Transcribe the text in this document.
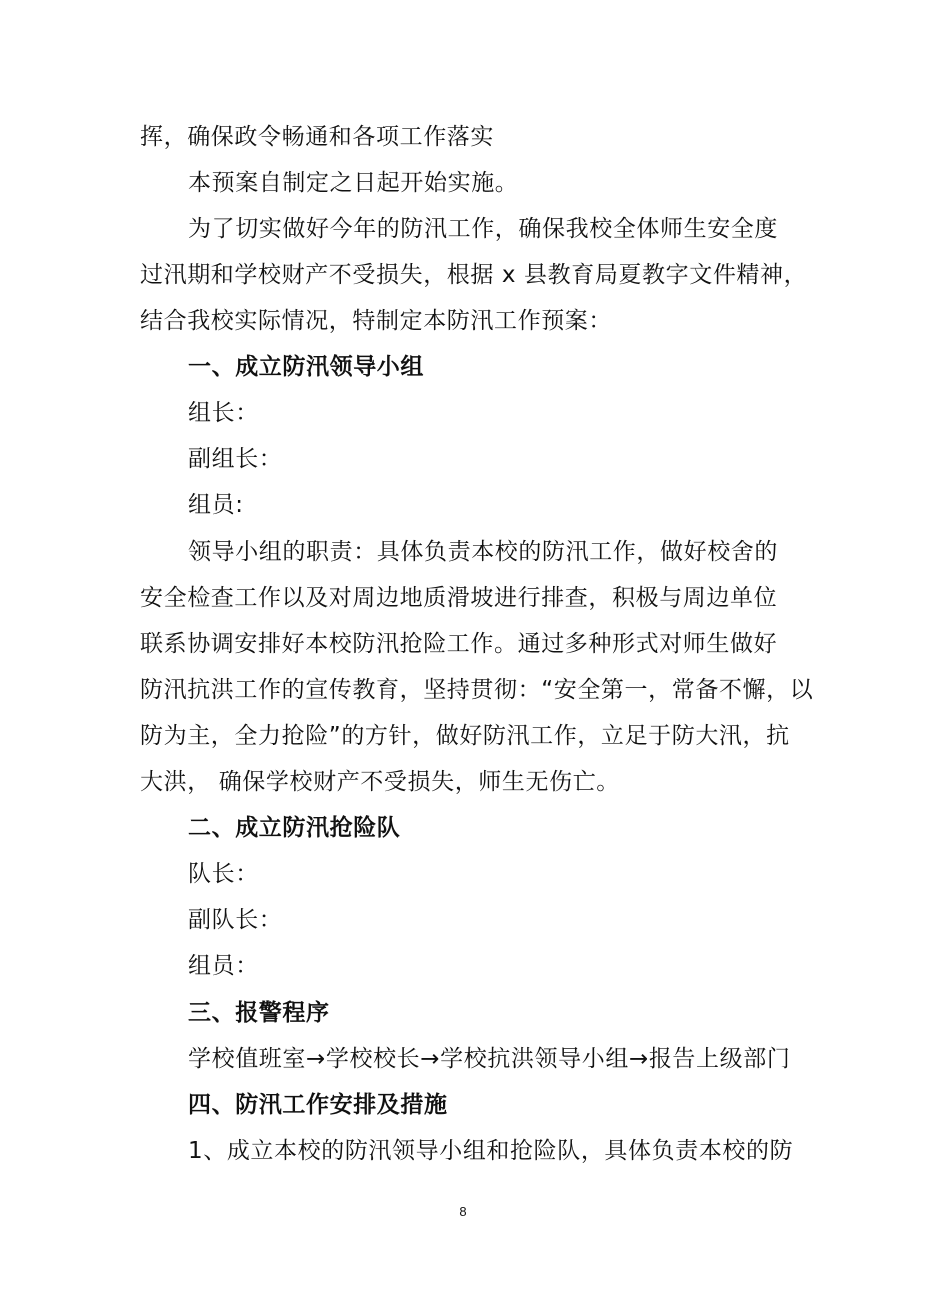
挥，确保政令畅通和各项工作落实
本预案自制定之日起开始实施。
为了切实做好今年的防汛工作，确保我校全体师生安全度
过汛期和学校财产不受损失，根据 x 县教育局夏教字文件精神，
结合我校实际情况，特制定本防汛工作预案：
一、成立防汛领导小组
组长：
副组长：
组员:
领导小组的职责：具体负责本校的防汛工作，做好校舍的
安全检查工作以及对周边地质滑坡进行排查，积极与周边单位
联系协调安排好本校防汛抢险工作。通过多种形式对师生做好
防汛抗洪工作的宣传教育，坚持贯彻：“安全第一，常备不懈，以
防为主，全力抢险”的方针，做好防汛工作，立足于防大汛，抗
大洪， 确保学校财产不受损失，师生无伤亡。
二、成立防汛抢险队
队长：
副队长：
组员：
三、报警程序
学校值班室→学校校长→学校抗洪领导小组→报告上级部门
四、防汛工作安排及措施
1、成立本校的防汛领导小组和抢险队，具体负责本校的防
8
